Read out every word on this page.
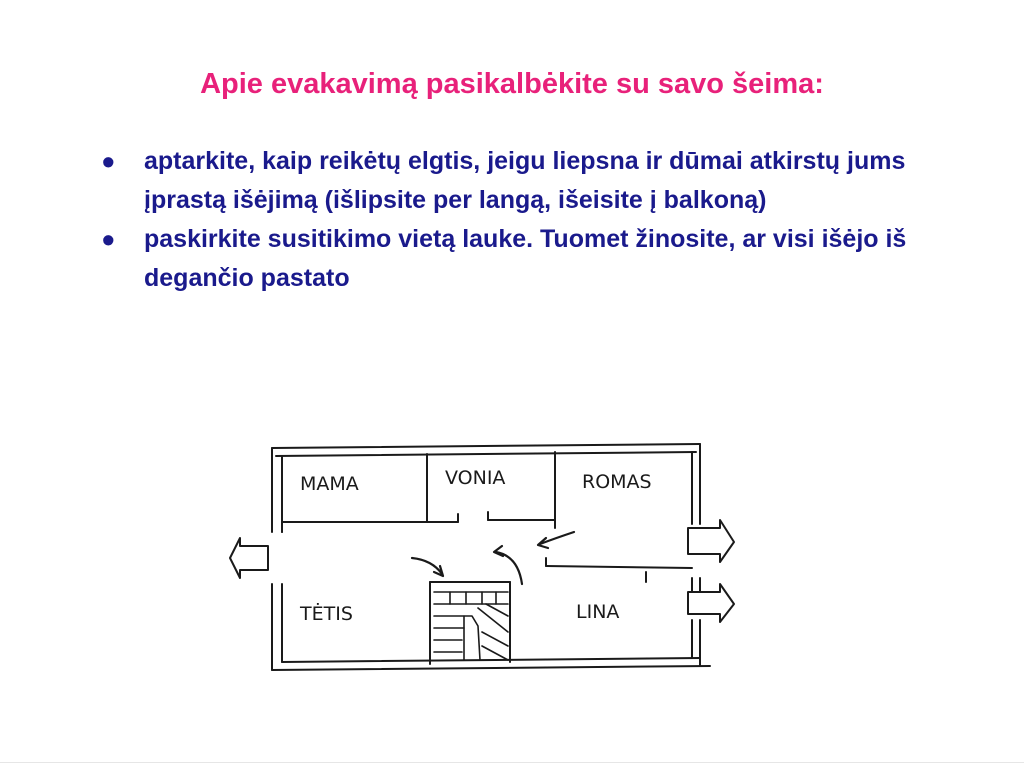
Apie evakavimą pasikalbėkite su savo šeima:
• aptarkite, kaip reikėtų elgtis, jeigu liepsna ir dūmai atkirstų jums įprastą išėjimą (išlipsite per langą, išeisite į balkoną)
• paskirkite susitikimo vietą lauke. Tuomet žinosite, ar visi išėjo iš degančio pastato
MAMA	VONIA	ROMAS
TĖTIS	LINA
